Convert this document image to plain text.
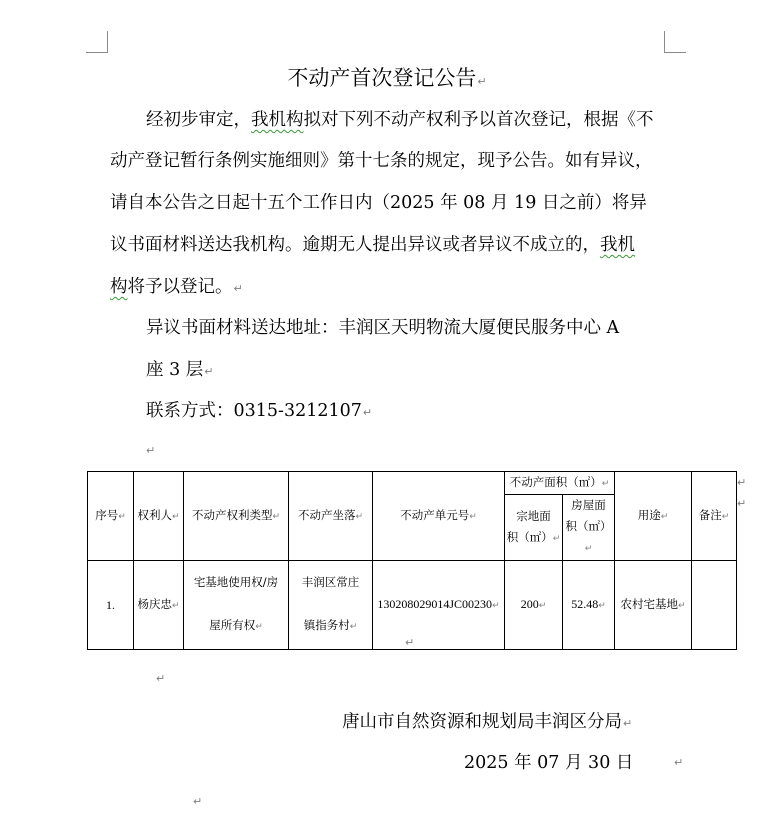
不动产首次登记公告↵
经初步审定，我机构拟对下列不动产权利予以首次登记，根据《不
动产登记暂行条例实施细则》第十七条的规定，现予公告。如有异议，
请自本公告之日起十五个工作日内（2025 年 08 月 19 日之前）将异
议书面材料送达我机构。逾期无人提出异议或者异议不成立的，我机
构将予以登记。↵
异议书面材料送达地址：丰润区天明物流大厦便民服务中心 A
座 3 层↵
联系方式：0315-3212107↵
↵
序号↵	权利人↵	不动产权利类型↵	不动产坐落↵	不动产单元号↵	不动产面积（㎡）↵		用途↵	备注↵
					宗地面
积（㎡）↵	房屋面
积（㎡）↵		
1.	杨庆忠↵	宅基地使用权/房
屋所有权↵	丰润区常庄
镇指务村↵	130208029014JC00230↵	200↵	52.48↵	农村宅基地↵	
↵
↵
↵
↵
唐山市自然资源和规划局丰润区分局↵
2025 年 07 月 30 日	↵
↵
